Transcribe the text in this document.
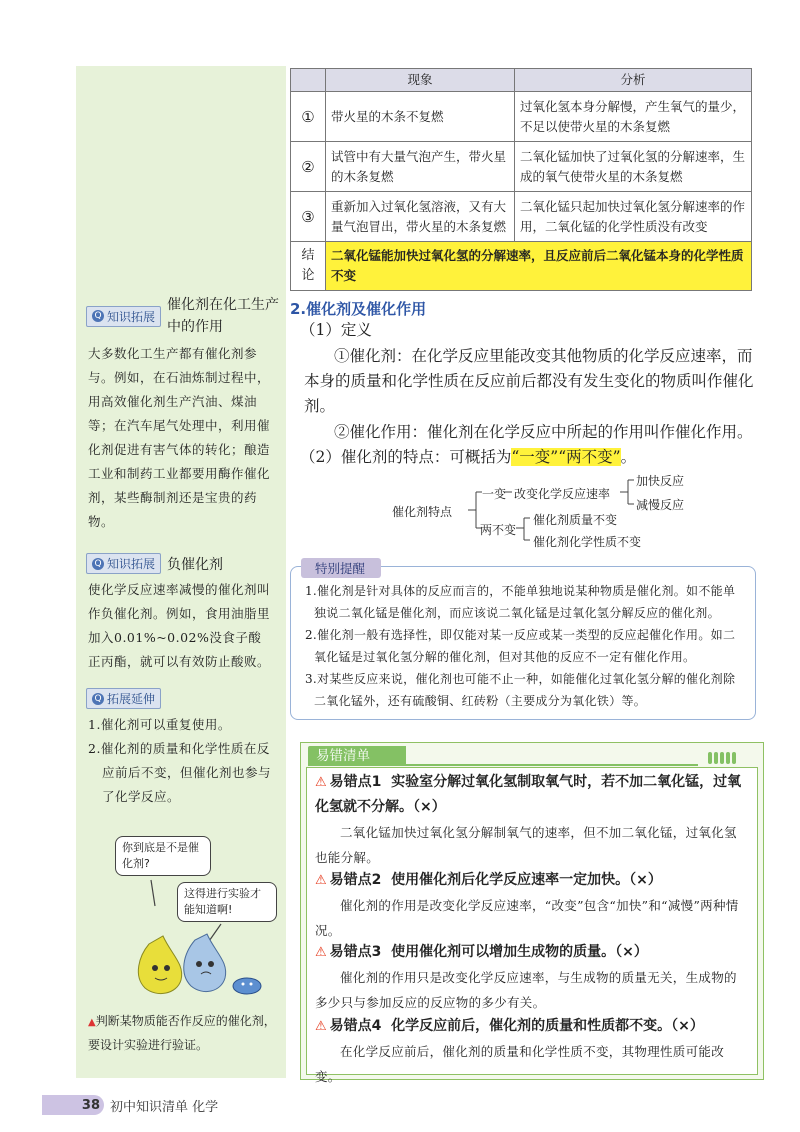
Q 知识拓展
催化剂在化工生产中的作用
大多数化工生产都有催化剂参与。例如，在石油炼制过程中，用高效催化剂生产汽油、煤油等；在汽车尾气处理中，利用催化剂促进有害气体的转化；酿造工业和制药工业都要用酶作催化剂，某些酶制剂还是宝贵的药物。
Q 知识拓展 负催化剂
使化学反应速率减慢的催化剂叫作负催化剂。例如，食用油脂里加入0.01%~0.02%没食子酸正丙酯，就可以有效防止酸败。
Q 拓展延伸
1.催化剂可以重复使用。
2.催化剂的质量和化学性质在反应前后不变，但催化剂也参与了化学反应。
你到底是不是催化剂?
这得进行实验才能知道啊!
▲判断某物质能否作反应的催化剂，要设计实验进行验证。
	现象	分析
①	带火星的木条不复燃	过氧化氢本身分解慢，产生氧气的量少，不足以使带火星的木条复燃
②	试管中有大量气泡产生，带火星的木条复燃	二氧化锰加快了过氧化氢的分解速率，生成的氧气使带火星的木条复燃
③	重新加入过氧化氢溶液，又有大量气泡冒出，带火星的木条复燃	二氧化锰只起加快过氧化氢分解速率的作用，二氧化锰的化学性质没有改变
结论	二氧化锰能加快过氧化氢的分解速率，且反应前后二氧化锰本身的化学性质不变	
2.催化剂及催化作用
（1）定义
①催化剂：在化学反应里能改变其他物质的化学反应速率，而本身的质量和化学性质在反应前后都没有发生变化的物质叫作催化剂。
②催化作用：催化剂在化学反应中所起的作用叫作催化作用。
（2）催化剂的特点：可概括为“一变”“两不变”。
催化剂特点
一变 改变化学反应速率
加快反应
减慢反应
两不变
催化剂质量不变
催化剂化学性质不变
特别提醒
1.催化剂是针对具体的反应而言的，不能单独地说某种物质是催化剂。如不能单独说二氧化锰是催化剂，而应该说二氧化锰是过氧化氢分解反应的催化剂。
2.催化剂一般有选择性，即仅能对某一反应或某一类型的反应起催化作用。如二氧化锰是过氧化氢分解的催化剂，但对其他的反应不一定有催化作用。
3.对某些反应来说，催化剂也可能不止一种，如能催化过氧化氢分解的催化剂除二氧化锰外，还有硫酸铜、红砖粉（主要成分为氧化铁）等。
易错清单
⚠ 易错点1 实验室分解过氧化氢制取氧气时，若不加二氧化锰，过氧化氢就不分解。（×）
二氧化锰加快过氧化氢分解制氧气的速率，但不加二氧化锰，过氧化氢也能分解。
⚠ 易错点2 使用催化剂后化学反应速率一定加快。（×）
催化剂的作用是改变化学反应速率，“改变”包含“加快”和“减慢”两种情况。
⚠ 易错点3 使用催化剂可以增加生成物的质量。（×）
催化剂的作用只是改变化学反应速率，与生成物的质量无关，生成物的多少只与参加反应的反应物的多少有关。
⚠ 易错点4 化学反应前后，催化剂的质量和性质都不变。（×）
在化学反应前后，催化剂的质量和化学性质不变，其物理性质可能改变。
38 初中知识清单 化学
